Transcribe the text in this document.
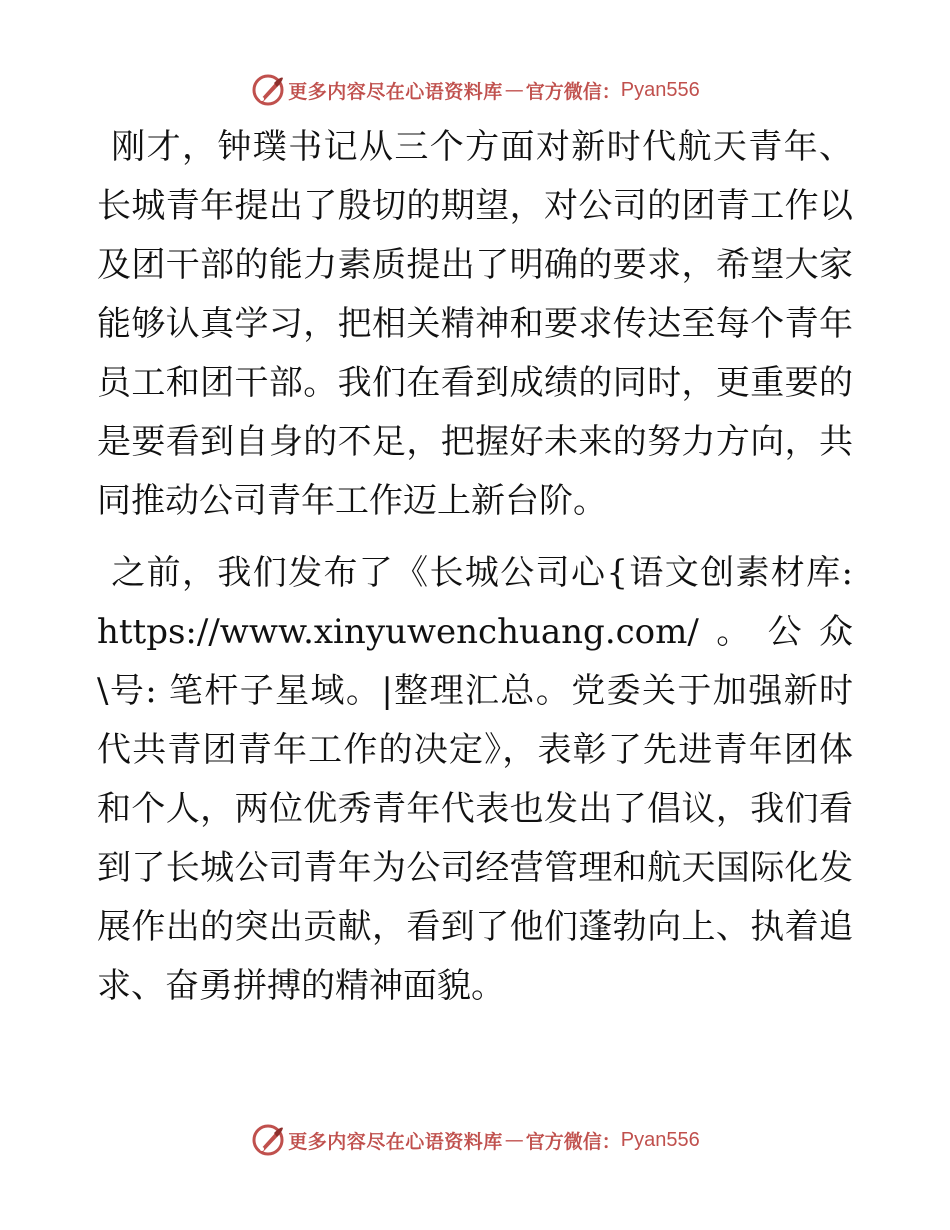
更多内容尽在心语资料库 — 官方微信： Pyan556

刚才，钟璞书记从三个方面对新时代航天青年、长城青年提出了殷切的期望，对公司的团青工作以及团干部的能力素质提出了明确的要求，希望大家能够认真学习，把相关精神和要求传达至每个青年员工和团干部。我们在看到成绩的同时，更重要的是要看到自身的不足，把握好未来的努力方向，共同推动公司青年工作迈上新台阶。

之前，我们发布了《长城公司心{语文创素材库: https://www.xinyuwenchuang.com/。公众\号: 笔杆子星域。|整理汇总。党委关于加强新时代共青团青年工作的决定》，表彰了先进青年团体和个人，两位优秀青年代表也发出了倡议，我们看到了长城公司青年为公司经营管理和航天国际化发展作出的突出贡献，看到了他们蓬勃向上、执着追求、奋勇拼搏的精神面貌。

更多内容尽在心语资料库 — 官方微信： Pyan556
